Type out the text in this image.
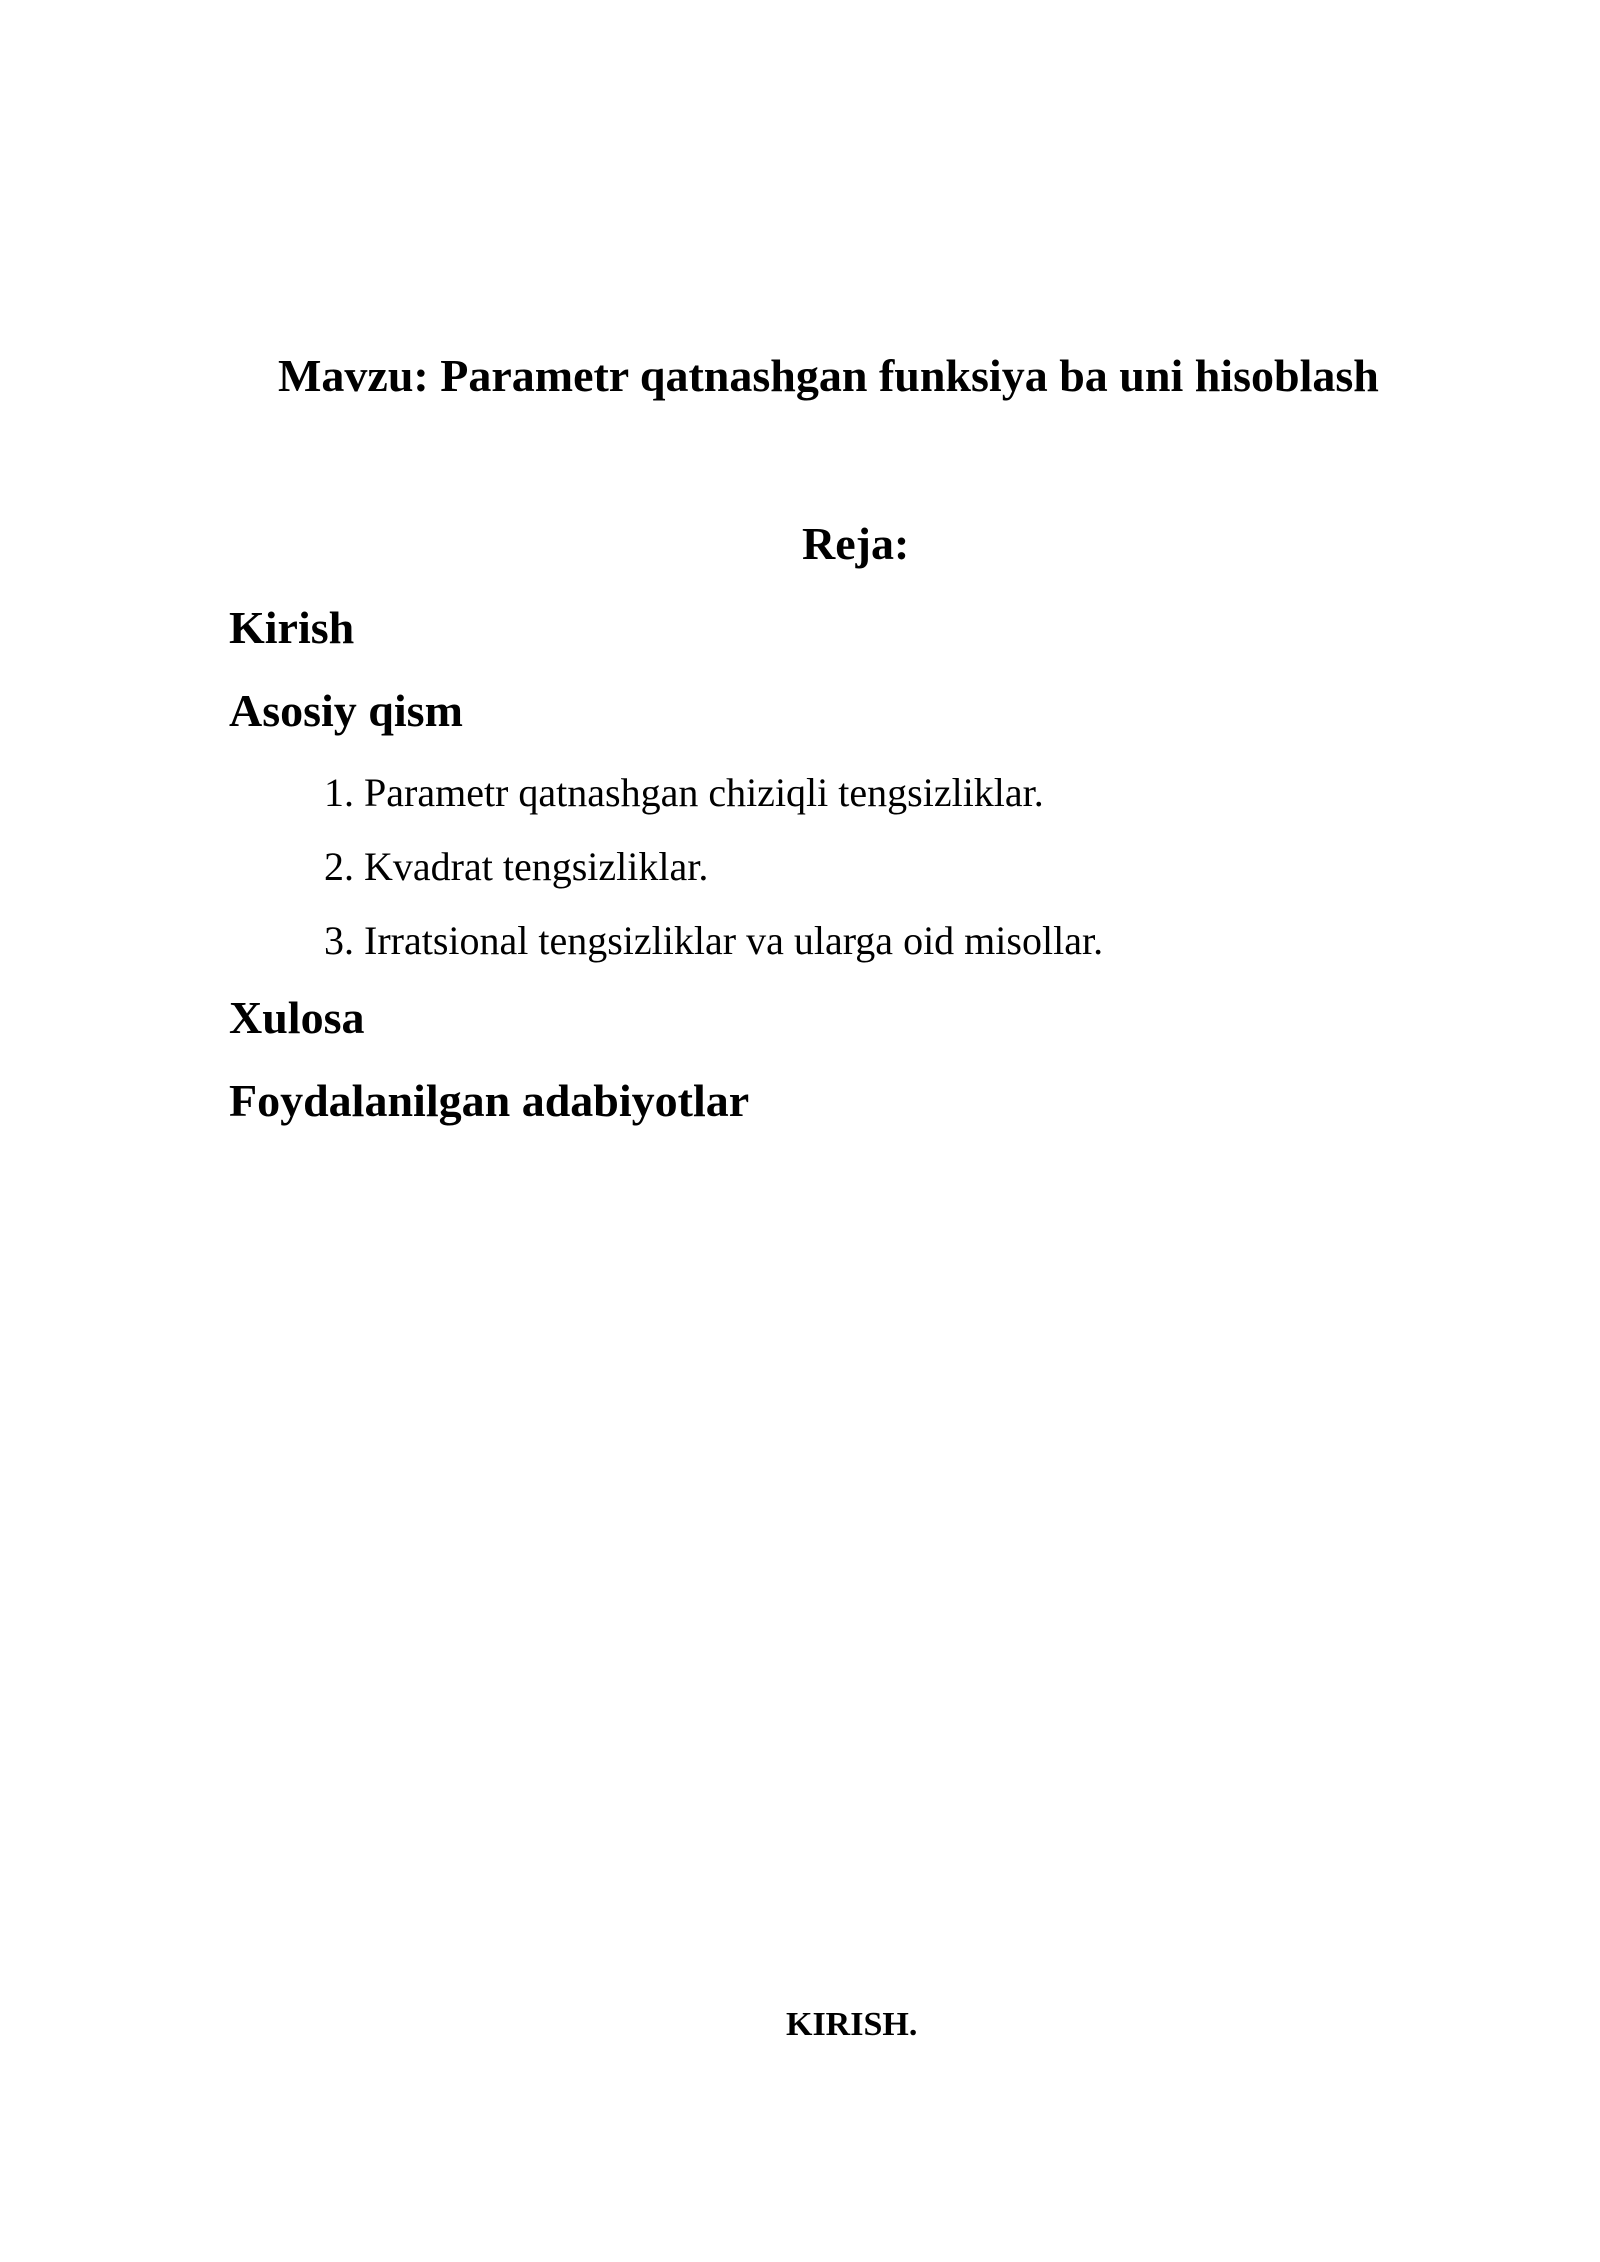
Mavzu: Parametr qatnashgan funksiya ba uni hisoblash
Reja:
Kirish
Asosiy qism
1. Parametr qatnashgan chiziqli tengsizliklar.
2. Kvadrat tengsizliklar.
3. Irratsional tengsizliklar va ularga oid misollar.
Xulosa
Foydalanilgan adabiyotlar
KIRISH.
